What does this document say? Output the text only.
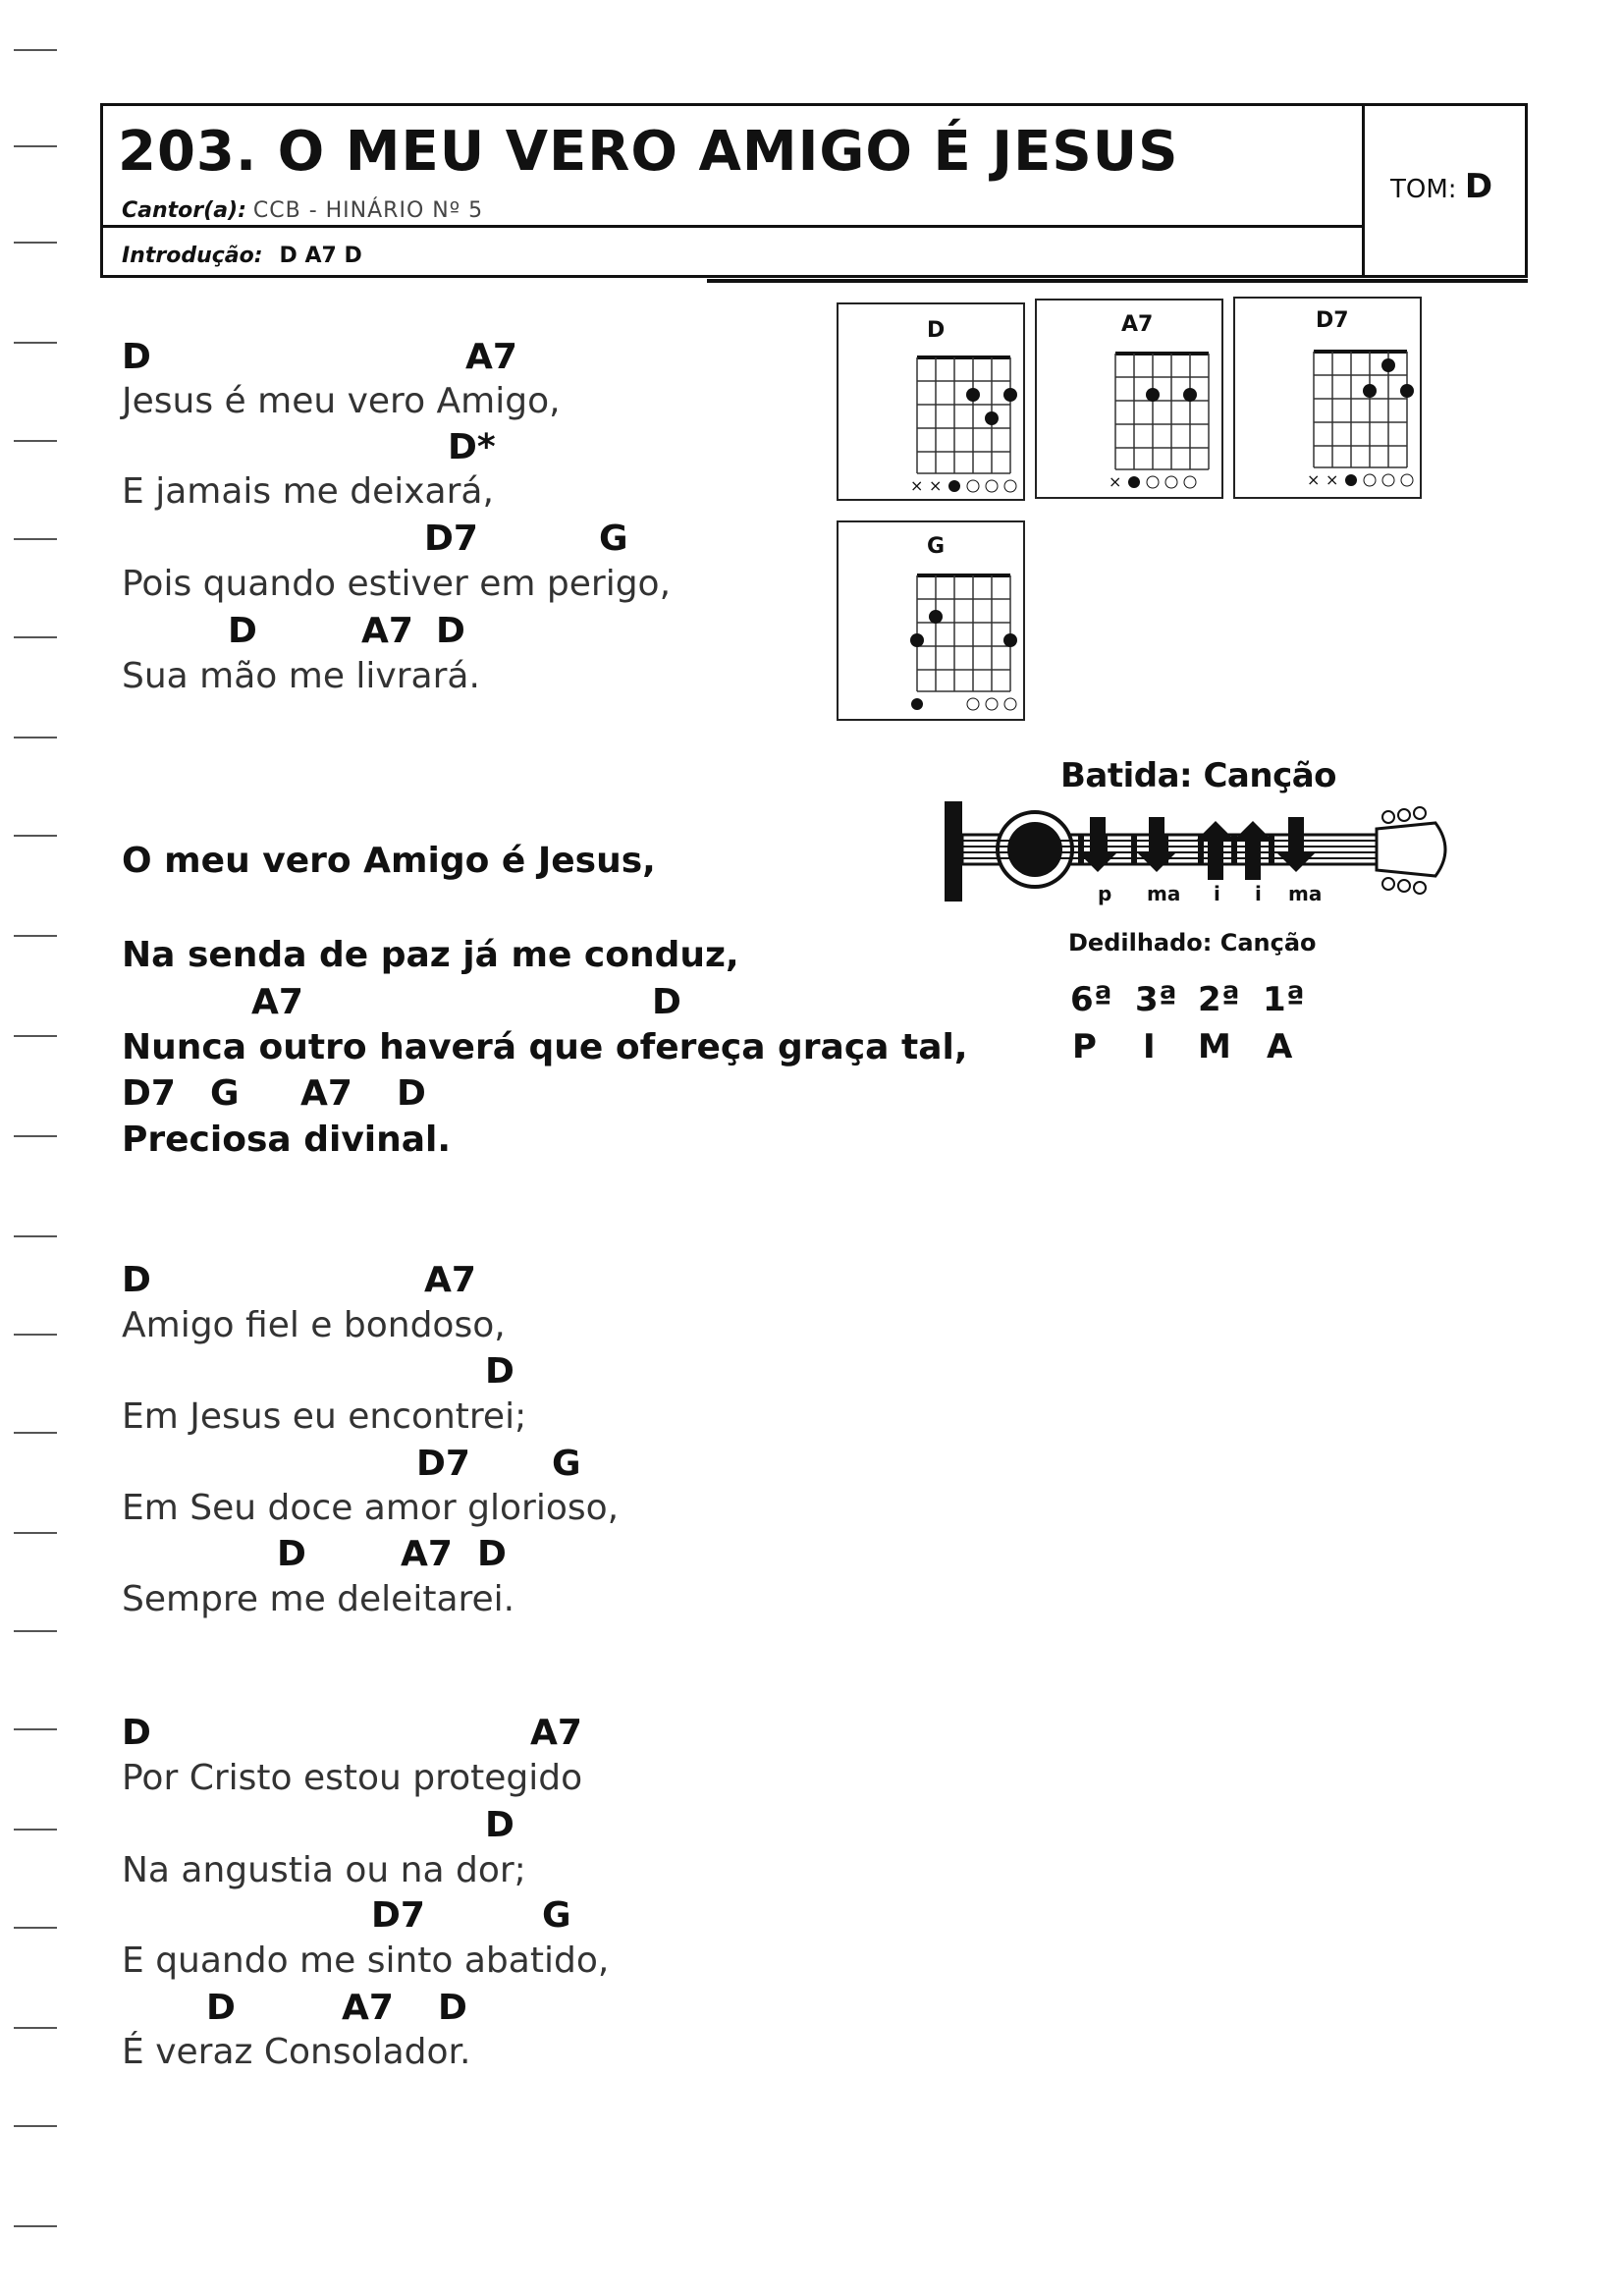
203. O MEU VERO AMIGO É JESUS
Cantor(a): CCB - HINÁRIO Nº 5
Introdução: D A7 D
TOM: D
D	A7
Jesus é meu vero Amigo,
D*
E jamais me deixará,
D7	G
Pois quando estiver em perigo,
D	A7 D
Sua mão me livrará.
O meu vero Amigo é Jesus,
Na senda de paz já me conduz,
A7	D
Nunca outro haverá que ofereça graça tal,
D7 G A7 D
Preciosa divinal.
D	A7
Amigo fiel e bondoso,
D
Em Jesus eu encontrei;
D7 G
Em Seu doce amor glorioso,
D	A7 D
Sempre me deleitarei.
D	A7
Por Cristo estou protegido
D
Na angustia ou na dor;
D7	G
E quando me sinto abatido,
D	A7 D
É veraz Consolador.
D
× ×
A7
×
D7
× ×
G
Batida: Canção
p ma i i ma
Dedilhado: Canção
6ª 3ª 2ª 1ª
P I M A
